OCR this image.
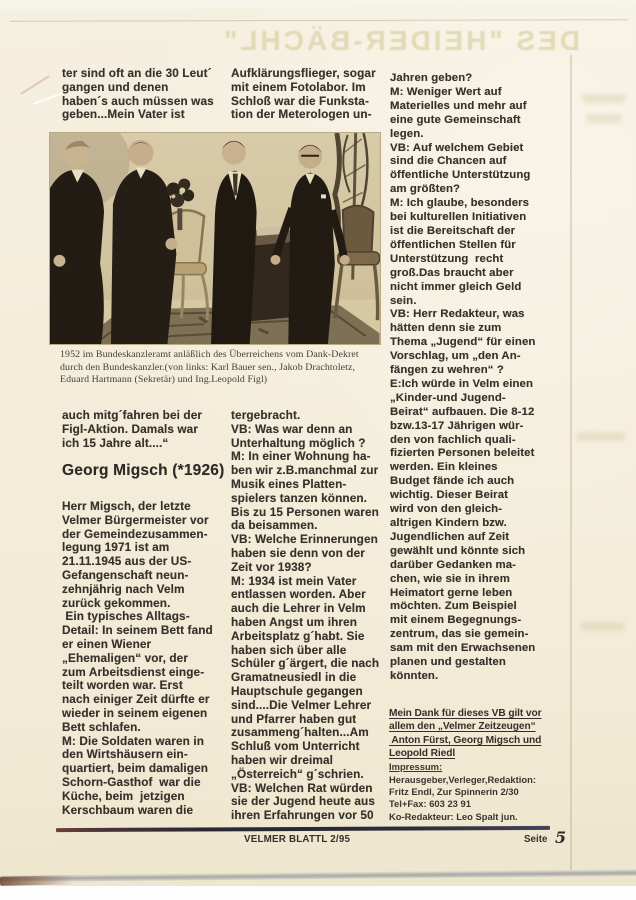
DES "HEIDER-BÄCHL"
ter sind oft an die 30 Leut´
gangen und denen
haben´s auch müssen was
geben...Mein Vater ist
Aufklärungsflieger, sogar
mit einem Fotolabor. Im
Schloß war die Funksta-
tion der Meterologen un-
Jahren geben?
M: Weniger Wert auf
Materielles und mehr auf
eine gute Gemeinschaft
legen.
VB: Auf welchem Gebiet
sind die Chancen auf
öffentliche Unterstützung
am größten?
M: Ich glaube, besonders
bei kulturellen Initiativen
ist die Bereitschaft der
öffentlichen Stellen für
Unterstützung  recht
groß.Das braucht aber
nicht immer gleich Geld
sein.
VB: Herr Redakteur, was
hätten denn sie zum
Thema „Jugend“ für einen
Vorschlag, um „den An-
fängen zu wehren“ ?
E:Ich würde in Velm einen
„Kinder-und Jugend-
Beirat“ aufbauen. Die 8-12
bzw.13-17 Jährigen wür-
den von fachlich quali-
fizierten Personen beleitet
werden. Ein kleines
Budget fände ich auch
wichtig. Dieser Beirat
wird von den gleich-
altrigen Kindern bzw.
Jugendlichen auf Zeit
gewählt und könnte sich
darüber Gedanken ma-
chen, wie sie in ihrem
Heimatort gerne leben
möchten. Zum Beispiel
mit einem Begegnungs-
zentrum, das sie gemein-
sam mit den Erwachsenen
planen und gestalten
könnten.
1952 im Bundeskanzleramt anläßlich des Überreichens vom Dank-Dekret
durch den Bundeskanzler.(von links: Karl Bauer sen., Jakob Drachtoletz,
Eduard Hartmann (Sekretär) und Ing.Leopold Figl)
auch mitg´fahren bei der
Figl-Aktion. Damals war
ich 15 Jahre alt....“
Georg Migsch (*1926)
Herr Migsch, der letzte
Velmer Bürgermeister vor
der Gemeindezusammen-
legung 1971 ist am
21.11.1945 aus der US-
Gefangenschaft neun-
zehnjährig nach Velm
zurück gekommen.
Ein typisches Alltags-
Detail: In seinem Bett fand
er einen Wiener
„Ehemaligen“ vor, der
zum Arbeitsdienst einge-
teilt worden war. Erst
nach einiger Zeit dürfte er
wieder in seinem eigenen
Bett schlafen.
M: Die Soldaten waren in
den Wirtshäusern ein-
quartiert, beim damaligen
Schorn-Gasthof  war die
Küche, beim  jetzigen
Kerschbaum waren die
tergebracht.
VB: Was war denn an
Unterhaltung möglich ?
M: In einer Wohnung ha-
ben wir z.B.manchmal zur
Musik eines Platten-
spielers tanzen können.
Bis zu 15 Personen waren
da beisammen.
VB: Welche Erinnerungen
haben sie denn von der
Zeit vor 1938?
M: 1934 ist mein Vater
entlassen worden. Aber
auch die Lehrer in Velm
haben Angst um ihren
Arbeitsplatz g´habt. Sie
haben sich über alle
Schüler g´ärgert, die nach
Gramatneusiedl in die
Hauptschule gegangen
sind....Die Velmer Lehrer
und Pfarrer haben gut
zusammeng´halten...Am
Schluß vom Unterricht
haben wir dreimal
„Österreich“ g´schrien.
VB: Welchen Rat würden
sie der Jugend heute aus
ihren Erfahrungen vor 50
Mein Dank für dieses VB gilt vor
allem den „Velmer Zeitzeugen“
Anton Fürst, Georg Migsch und
Leopold Riedl
Impressum:
Herausgeber,Verleger,Redaktion:
Fritz Endl, Zur Spinnerin 2/30
Tel+Fax: 603 23 91
Ko-Redakteur: Leo Spalt jun.
VELMER BLATTL 2/95	Seite 5
